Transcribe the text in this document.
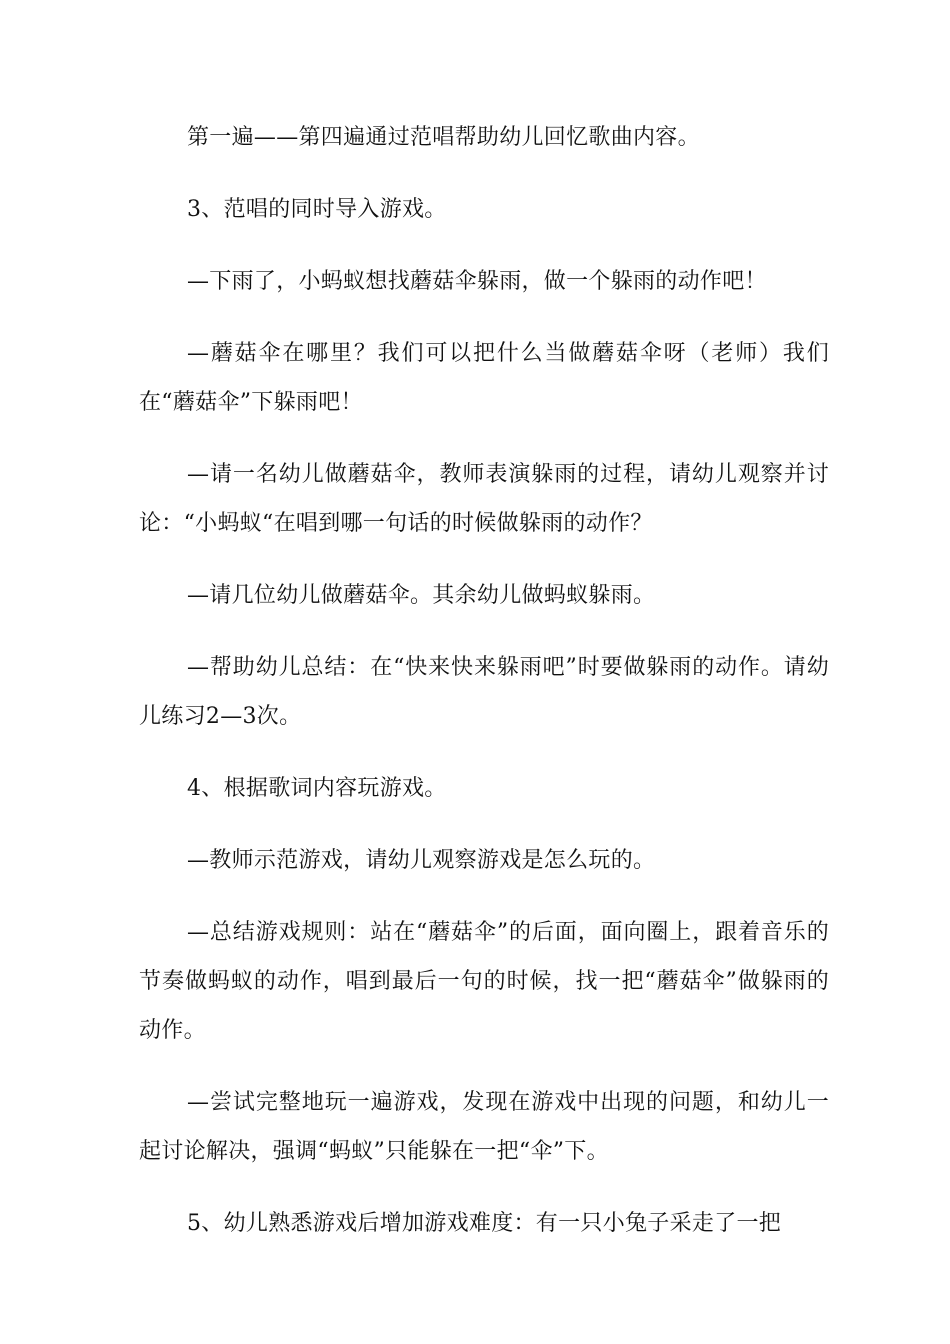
第一遍——第四遍通过范唱帮助幼儿回忆歌曲内容。

3、范唱的同时导入游戏。

—下雨了，小蚂蚁想找蘑菇伞躲雨，做一个躲雨的动作吧！

—蘑菇伞在哪里？我们可以把什么当做蘑菇伞呀（老师）我们在“蘑菇伞”下躲雨吧！

—请一名幼儿做蘑菇伞，教师表演躲雨的过程，请幼儿观察并讨论：“小蚂蚁“在唱到哪一句话的时候做躲雨的动作？

—请几位幼儿做蘑菇伞。其余幼儿做蚂蚁躲雨。

—帮助幼儿总结：在“快来快来躲雨吧”时要做躲雨的动作。请幼儿练习2—3次。

4、根据歌词内容玩游戏。

—教师示范游戏，请幼儿观察游戏是怎么玩的。

—总结游戏规则：站在“蘑菇伞”的后面，面向圈上，跟着音乐的节奏做蚂蚁的动作，唱到最后一句的时候，找一把“蘑菇伞”做躲雨的动作。

—尝试完整地玩一遍游戏，发现在游戏中出现的问题，和幼儿一起讨论解决，强调“蚂蚁”只能躲在一把“伞”下。

5、幼儿熟悉游戏后增加游戏难度：有一只小兔子采走了一把
